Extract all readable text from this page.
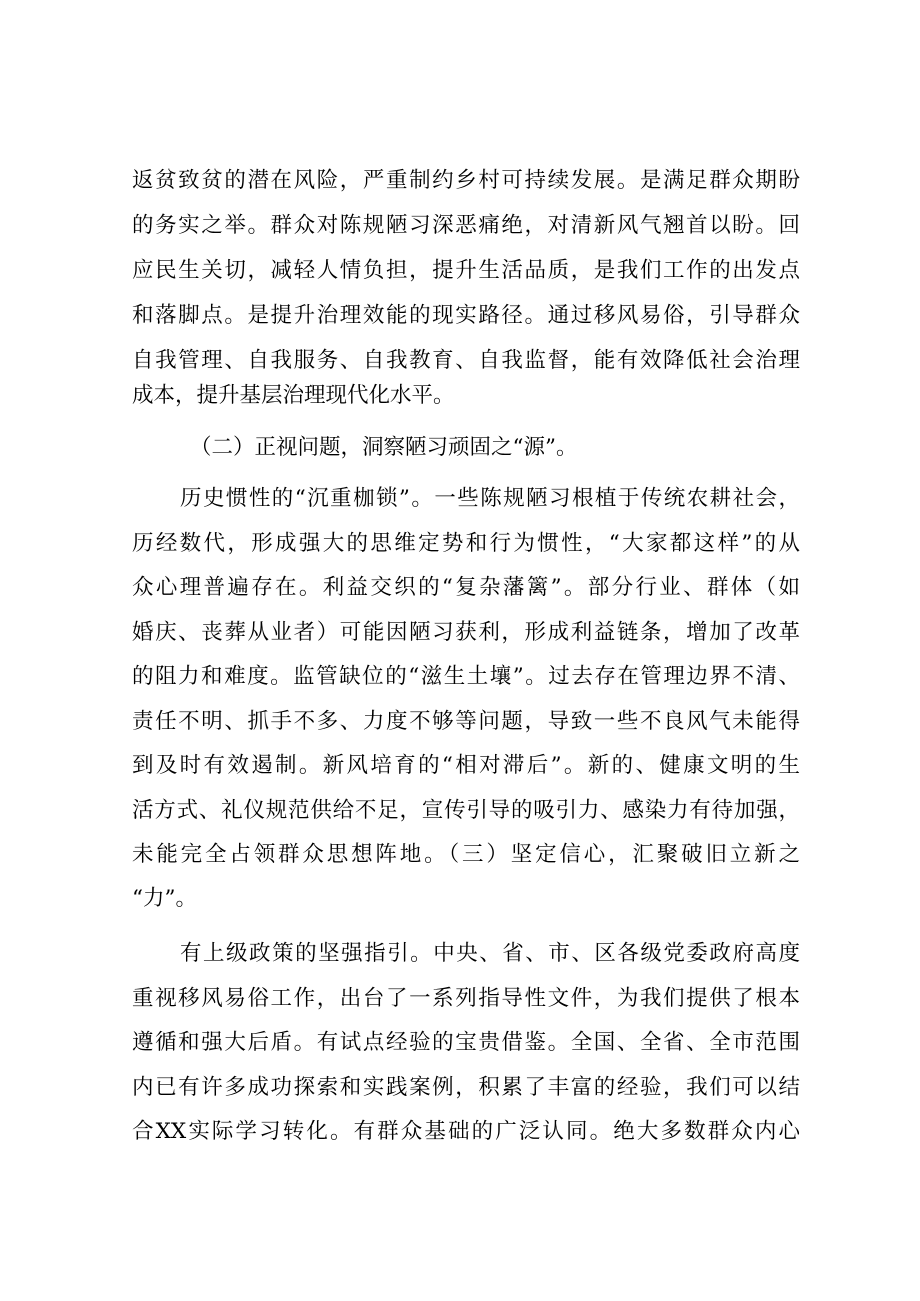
返贫致贫的潜在风险，严重制约乡村可持续发展。是满足群众期盼
的务实之举。群众对陈规陋习深恶痛绝，对清新风气翘首以盼。回
应民生关切，减轻人情负担，提升生活品质，是我们工作的出发点
和落脚点。是提升治理效能的现实路径。通过移风易俗，引导群众
自我管理、自我服务、自我教育、自我监督，能有效降低社会治理
成本，提升基层治理现代化水平。
（二）正视问题，洞察陋习顽固之“源”。
历史惯性的“沉重枷锁”。一些陈规陋习根植于传统农耕社会，
历经数代，形成强大的思维定势和行为惯性，“大家都这样”的从
众心理普遍存在。利益交织的“复杂藩篱”。部分行业、群体（如
婚庆、丧葬从业者）可能因陋习获利，形成利益链条，增加了改革
的阻力和难度。监管缺位的“滋生土壤”。过去存在管理边界不清、
责任不明、抓手不多、力度不够等问题，导致一些不良风气未能得
到及时有效遏制。新风培育的“相对滞后”。新的、健康文明的生
活方式、礼仪规范供给不足，宣传引导的吸引力、感染力有待加强，
未能完全占领群众思想阵地。（三）坚定信心，汇聚破旧立新之
“力”。
有上级政策的坚强指引。中央、省、市、区各级党委政府高度
重视移风易俗工作，出台了一系列指导性文件，为我们提供了根本
遵循和强大后盾。有试点经验的宝贵借鉴。全国、全省、全市范围
内已有许多成功探索和实践案例，积累了丰富的经验，我们可以结
合XX实际学习转化。有群众基础的广泛认同。绝大多数群众内心
